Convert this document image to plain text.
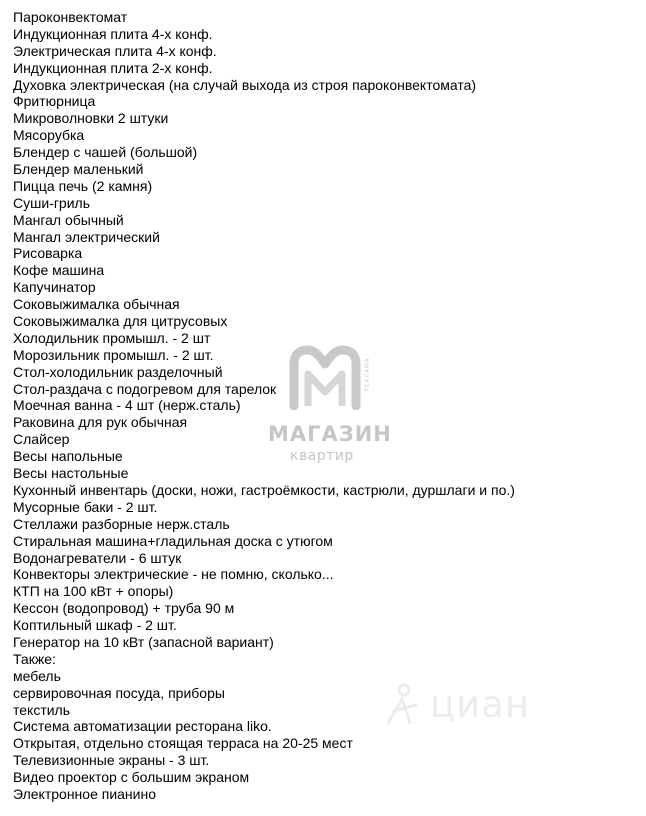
Пароконвектомат
Индукционная плита 4-х конф.
Электрическая плита 4-х конф.
Индукционная плита 2-х конф.
Духовка электрическая (на случай выхода из строя пароконвектомата)
Фритюрница
Микроволновки 2 штуки
Мясорубка
Блендер с чашей (большой)
Блендер маленький
Пицца печь (2 камня)
Суши-гриль
Мангал обычный
Мангал электрический
Рисоварка
Кофе машина
Капучинатор
Соковыжималка обычная
Соковыжималка для цитрусовых
Холодильник промышл. - 2 шт
Морозильник промышл. - 2 шт.
Стол-холодильник разделочный
Стол-раздача с подогревом для тарелок
Моечная ванна - 4 шт (нерж.сталь)
Раковина для рук обычная
Слайсер
Весы напольные
Весы настольные
Кухонный инвентарь (доски, ножи, гастроёмкости, кастрюли, дуршлаги и по.)
Мусорные баки - 2 шт.
Стеллажи разборные нерж.сталь
Стиральная машина+гладильная доска с утюгом
Водонагреватели - 6 штук
Конвекторы электрические - не помню, сколько...
КТП на 100 кВт + опоры)
Кессон (водопровод) + труба 90 м
Коптильный шкаф - 2 шт.
Генератор на 10 кВт (запасной вариант)
Также:
мебель
сервировочная посуда, приборы
текстиль
Система автоматизации ресторана liko.
Открытая, отдельно стоящая терраса на 20-25 мест
Телевизионные экраны - 3 шт.
Видео проектор с большим экраном
Электронное пианино
РЕКЛАМА
МАГАЗИН
квартир
циан
